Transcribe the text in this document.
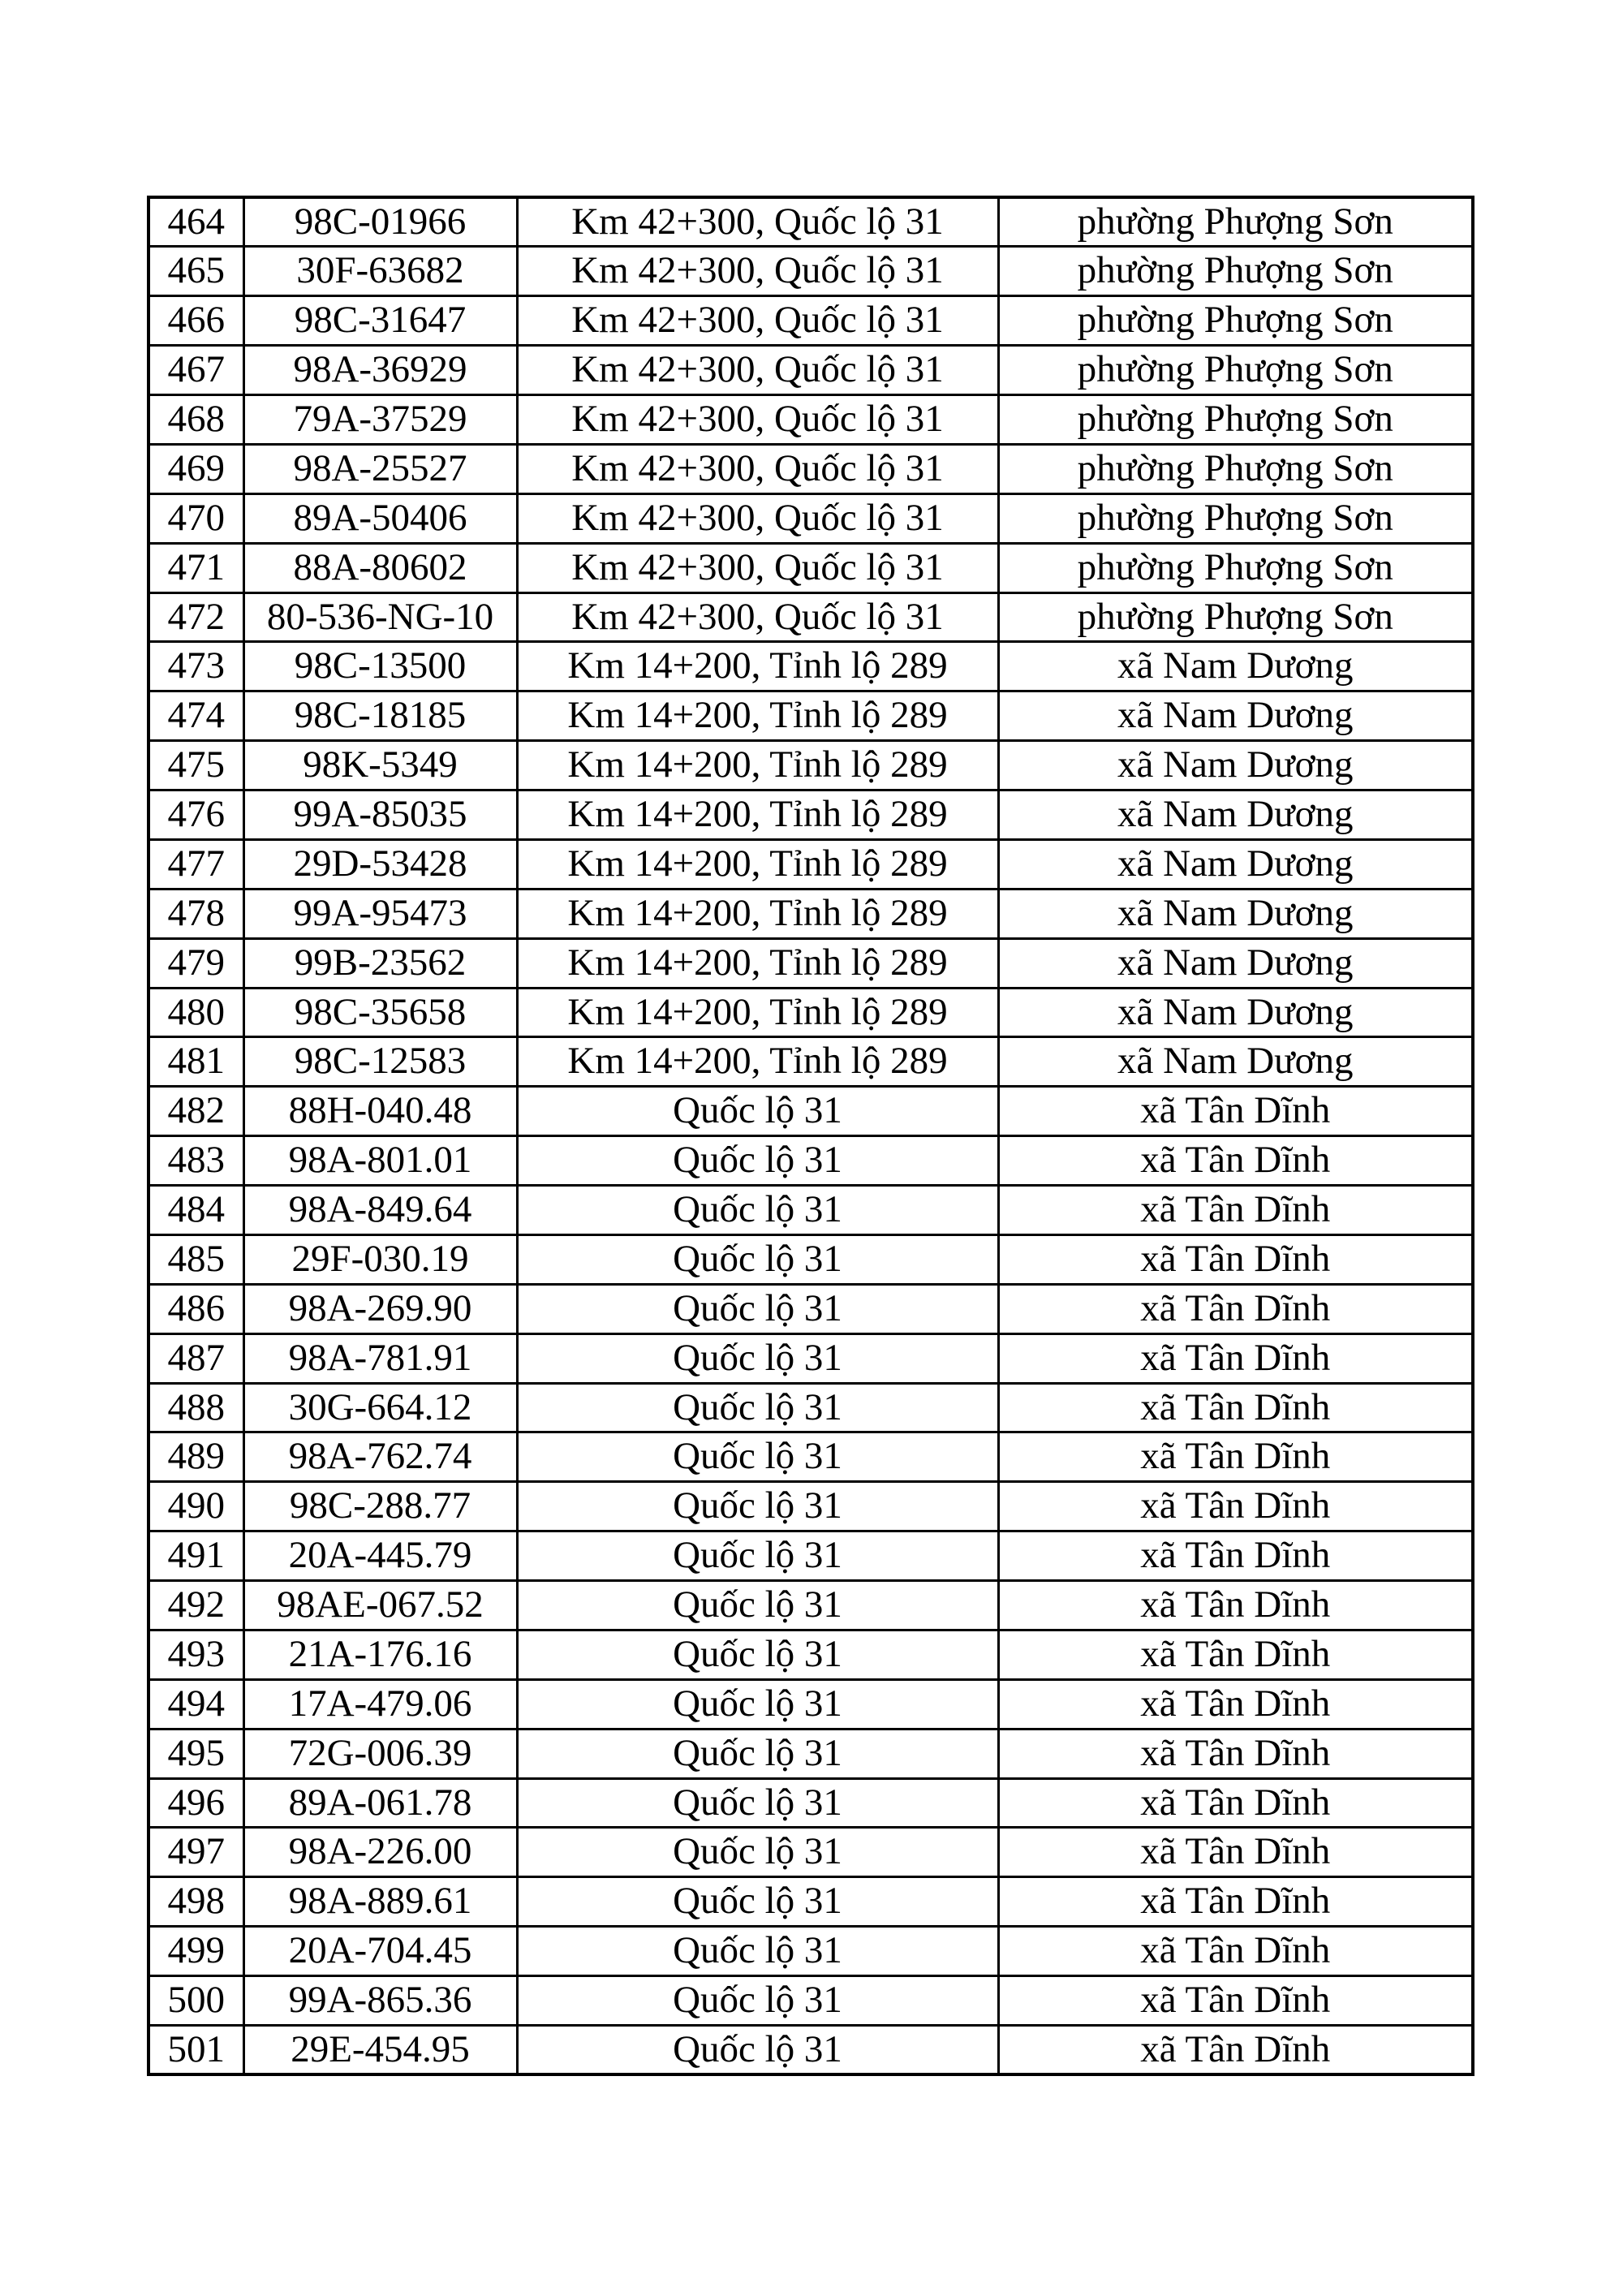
464	98C-01966	Km 42+300, Quốc lộ 31	phường Phượng Sơn
465	30F-63682	Km 42+300, Quốc lộ 31	phường Phượng Sơn
466	98C-31647	Km 42+300, Quốc lộ 31	phường Phượng Sơn
467	98A-36929	Km 42+300, Quốc lộ 31	phường Phượng Sơn
468	79A-37529	Km 42+300, Quốc lộ 31	phường Phượng Sơn
469	98A-25527	Km 42+300, Quốc lộ 31	phường Phượng Sơn
470	89A-50406	Km 42+300, Quốc lộ 31	phường Phượng Sơn
471	88A-80602	Km 42+300, Quốc lộ 31	phường Phượng Sơn
472	80-536-NG-10	Km 42+300, Quốc lộ 31	phường Phượng Sơn
473	98C-13500	Km 14+200, Tỉnh lộ 289	xã Nam Dương
474	98C-18185	Km 14+200, Tỉnh lộ 289	xã Nam Dương
475	98K-5349	Km 14+200, Tỉnh lộ 289	xã Nam Dương
476	99A-85035	Km 14+200, Tỉnh lộ 289	xã Nam Dương
477	29D-53428	Km 14+200, Tỉnh lộ 289	xã Nam Dương
478	99A-95473	Km 14+200, Tỉnh lộ 289	xã Nam Dương
479	99B-23562	Km 14+200, Tỉnh lộ 289	xã Nam Dương
480	98C-35658	Km 14+200, Tỉnh lộ 289	xã Nam Dương
481	98C-12583	Km 14+200, Tỉnh lộ 289	xã Nam Dương
482	88H-040.48	Quốc lộ 31	xã Tân Dĩnh
483	98A-801.01	Quốc lộ 31	xã Tân Dĩnh
484	98A-849.64	Quốc lộ 31	xã Tân Dĩnh
485	29F-030.19	Quốc lộ 31	xã Tân Dĩnh
486	98A-269.90	Quốc lộ 31	xã Tân Dĩnh
487	98A-781.91	Quốc lộ 31	xã Tân Dĩnh
488	30G-664.12	Quốc lộ 31	xã Tân Dĩnh
489	98A-762.74	Quốc lộ 31	xã Tân Dĩnh
490	98C-288.77	Quốc lộ 31	xã Tân Dĩnh
491	20A-445.79	Quốc lộ 31	xã Tân Dĩnh
492	98AE-067.52	Quốc lộ 31	xã Tân Dĩnh
493	21A-176.16	Quốc lộ 31	xã Tân Dĩnh
494	17A-479.06	Quốc lộ 31	xã Tân Dĩnh
495	72G-006.39	Quốc lộ 31	xã Tân Dĩnh
496	89A-061.78	Quốc lộ 31	xã Tân Dĩnh
497	98A-226.00	Quốc lộ 31	xã Tân Dĩnh
498	98A-889.61	Quốc lộ 31	xã Tân Dĩnh
499	20A-704.45	Quốc lộ 31	xã Tân Dĩnh
500	99A-865.36	Quốc lộ 31	xã Tân Dĩnh
501	29E-454.95	Quốc lộ 31	xã Tân Dĩnh
